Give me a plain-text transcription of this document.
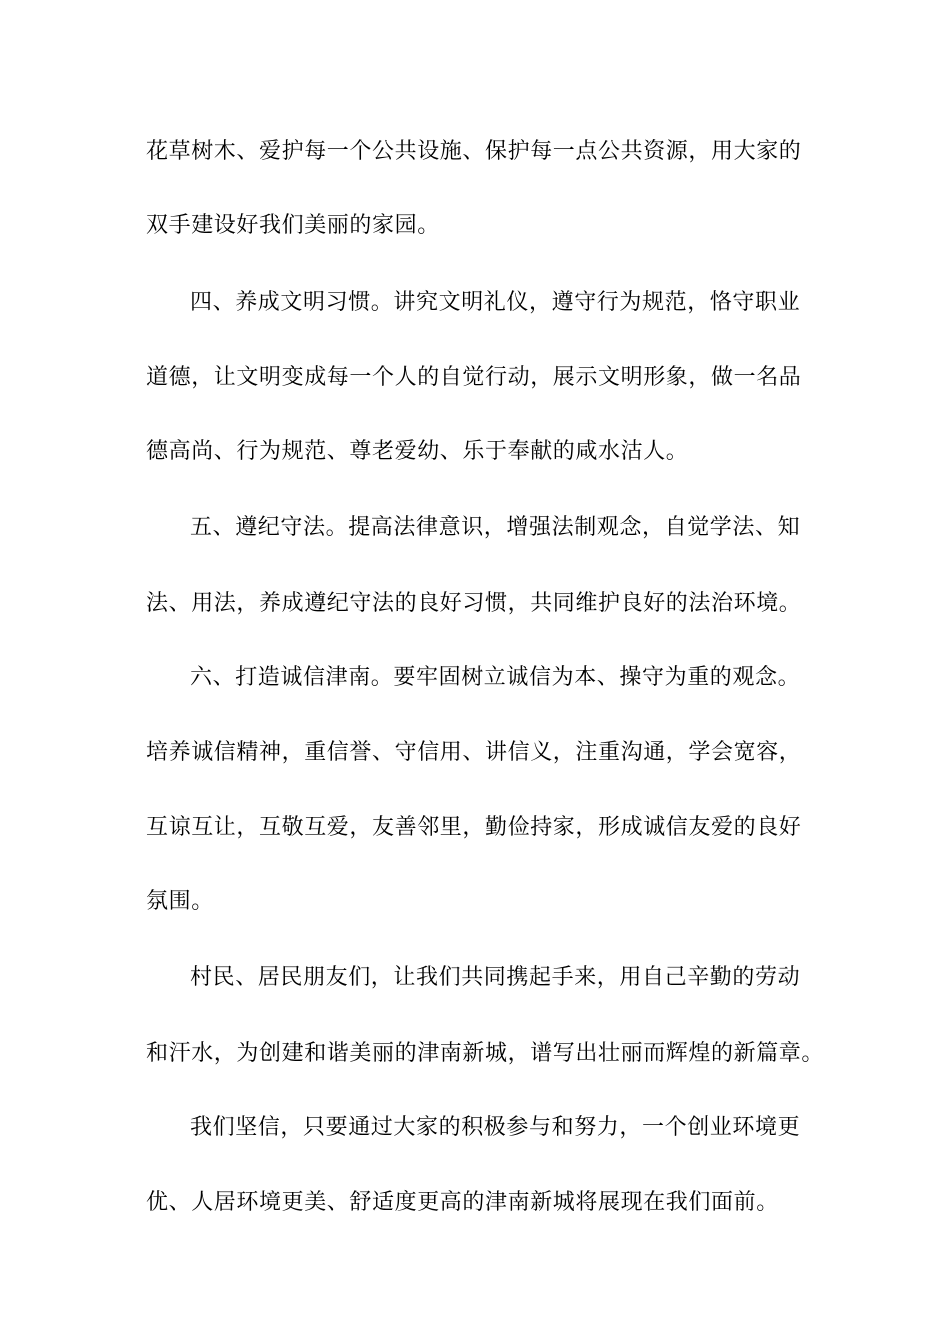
花草树木、爱护每一个公共设施、保护每一点公共资源，用大家的
双手建设好我们美丽的家园。
四、养成文明习惯。讲究文明礼仪，遵守行为规范，恪守职业
道德，让文明变成每一个人的自觉行动，展示文明形象，做一名品
德高尚、行为规范、尊老爱幼、乐于奉献的咸水沽人。
五、遵纪守法。提高法律意识，增强法制观念，自觉学法、知
法、用法，养成遵纪守法的良好习惯，共同维护良好的法治环境。
六、打造诚信津南。要牢固树立诚信为本、操守为重的观念。
培养诚信精神，重信誉、守信用、讲信义，注重沟通，学会宽容，
互谅互让，互敬互爱，友善邻里，勤俭持家，形成诚信友爱的良好
氛围。
村民、居民朋友们，让我们共同携起手来，用自己辛勤的劳动
和汗水，为创建和谐美丽的津南新城，谱写出壮丽而辉煌的新篇章。
我们坚信，只要通过大家的积极参与和努力，一个创业环境更
优、人居环境更美、舒适度更高的津南新城将展现在我们面前。
